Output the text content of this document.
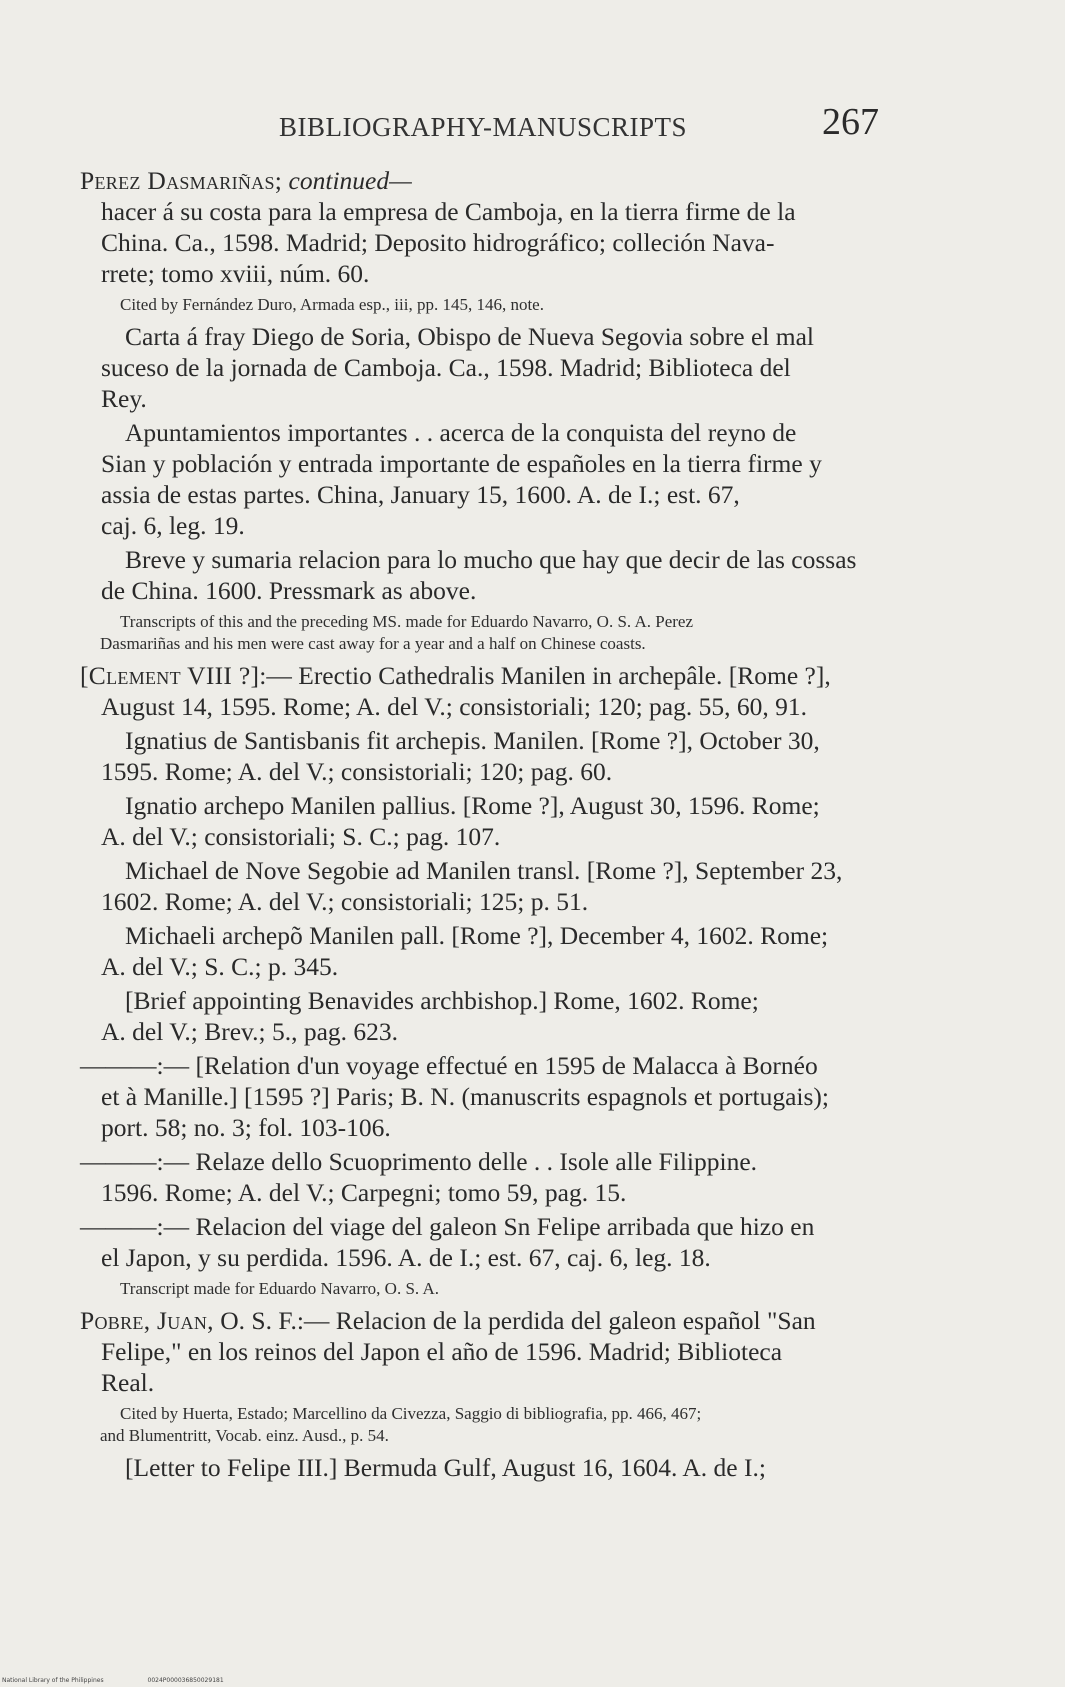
BIBLIOGRAPHY-MANUSCRIPTS	267
Perez Dasmariñas; continued—
hacer á su costa para la empresa de Camboja, en la tierra firme de la
China. Ca., 1598. Madrid; Deposito hidrográfico; colleción Nava-
rrete; tomo xviii, núm. 60.
Cited by Fernández Duro, Armada esp., iii, pp. 145, 146, note.
Carta á fray Diego de Soria, Obispo de Nueva Segovia sobre el mal
suceso de la jornada de Camboja. Ca., 1598. Madrid; Biblioteca del
Rey.
Apuntamientos importantes . . acerca de la conquista del reyno de
Sian y población y entrada importante de españoles en la tierra firme y
assia de estas partes. China, January 15, 1600. A. de I.; est. 67,
caj. 6, leg. 19.
Breve y sumaria relacion para lo mucho que hay que decir de las cossas
de China. 1600. Pressmark as above.
Transcripts of this and the preceding MS. made for Eduardo Navarro, O. S. A. Perez
Dasmariñas and his men were cast away for a year and a half on Chinese coasts.
[Clement VIII ?]:— Erectio Cathedralis Manilen in archepâle. [Rome ?],
August 14, 1595. Rome; A. del V.; consistoriali; 120; pag. 55, 60, 91.
Ignatius de Santisbanis fit archepis. Manilen. [Rome ?], October 30,
1595. Rome; A. del V.; consistoriali; 120; pag. 60.
Ignatio archepo Manilen pallius. [Rome ?], August 30, 1596. Rome;
A. del V.; consistoriali; S. C.; pag. 107.
Michael de Nove Segobie ad Manilen transl. [Rome ?], September 23,
1602. Rome; A. del V.; consistoriali; 125; p. 51.
Michaeli archepõ Manilen pall. [Rome ?], December 4, 1602. Rome;
A. del V.; S. C.; p. 345.
[Brief appointing Benavides archbishop.] Rome, 1602. Rome;
A. del V.; Brev.; 5., pag. 623.
———:— [Relation d'un voyage effectué en 1595 de Malacca à Bornéo
et à Manille.] [1595 ?] Paris; B. N. (manuscrits espagnols et portugais);
port. 58; no. 3; fol. 103-106.
———:— Relaze dello Scuoprimento delle . . Isole alle Filippine.
1596. Rome; A. del V.; Carpegni; tomo 59, pag. 15.
———:— Relacion del viage del galeon Sn Felipe arribada que hizo en
el Japon, y su perdida. 1596. A. de I.; est. 67, caj. 6, leg. 18.
Transcript made for Eduardo Navarro, O. S. A.
Pobre, Juan, O. S. F.:— Relacion de la perdida del galeon español "San
Felipe," en los reinos del Japon el año de 1596. Madrid; Biblioteca
Real.
Cited by Huerta, Estado; Marcellino da Civezza, Saggio di bibliografia, pp. 466, 467;
and Blumentritt, Vocab. einz. Ausd., p. 54.
[Letter to Felipe III.] Bermuda Gulf, August 16, 1604. A. de I.;
National Library of the Philippines	0024P000036850029181
